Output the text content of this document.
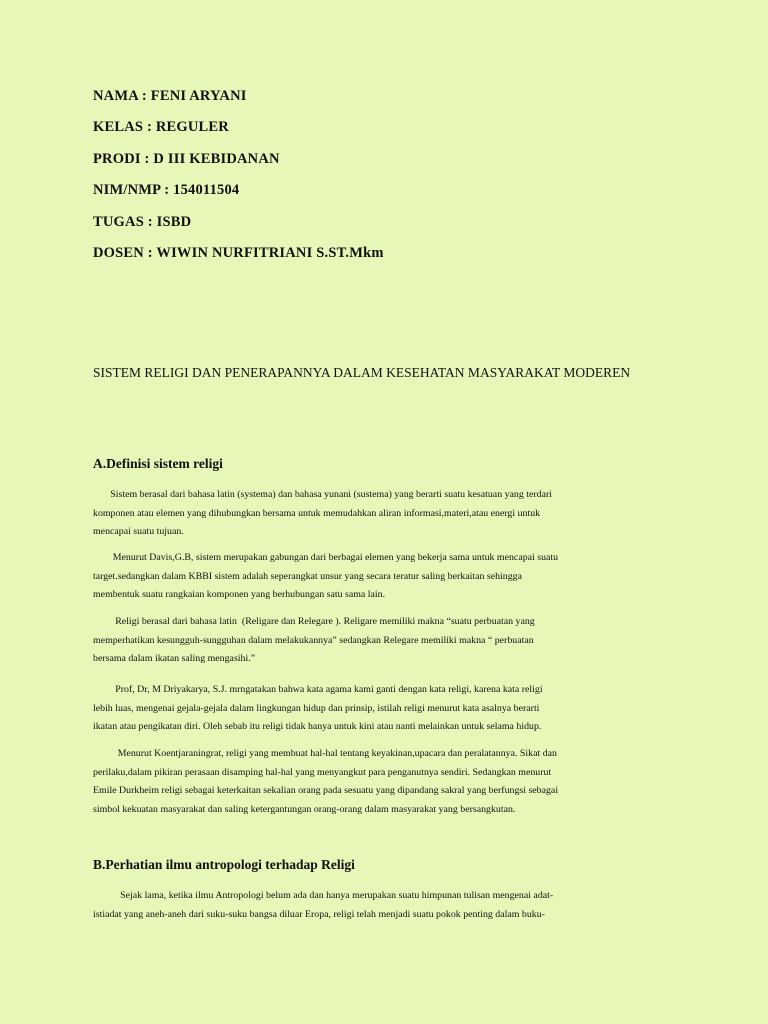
NAMA : FENI ARYANI

KELAS : REGULER

PRODI : D III KEBIDANAN

NIM/NMP : 154011504

TUGAS : ISBD

DOSEN : WIWIN NURFITRIANI S.ST.Mkm

SISTEM RELIGI DAN PENERAPANNYA DALAM KESEHATAN MASYARAKAT MODEREN

A.Definisi sistem religi

Sistem berasal dari bahasa latin (systema) dan bahasa yunani (sustema) yang berarti suatu kesatuan yang terdari
komponen atau elemen yang dihubungkan bersama untuk memudahkan aliran informasi,materi,atau energi untuk
mencapai suatu tujuan.
Menurut Davis,G.B, sistem merupakan gabungan dari berbagai elemen yang bekerja sama untuk mencapai suatu
target.sedangkan dalam KBBI sistem adalah seperangkat unsur yang secara teratur saling berkaitan sehingga
membentuk suatu rangkaian komponen yang berhubungan satu sama lain.
Religi berasal dari bahasa latin  (Religare dan Relegare ). Religare memiliki makna “suatu perbuatan yang
memperhatikan kesungguh-sungguhan dalam melakukannya” sedangkan Relegare memiliki makna “ perbuatan
bersama dalam ikatan saling mengasihi.”
Prof, Dr, M Driyakarya, S.J. mrngatakan bahwa kata agama kami ganti dengan kata religi, karena kata religi
lebih luas, mengenai gejala-gejala dalam lingkungan hidup dan prinsip, istilah religi menurut kata asalnya berarti
ikatan atau pengikatan diri. Oleh sebab itu religi tidak hanya untuk kini atau nanti melainkan untuk selama hidup.
Menurut Koentjaraningrat, religi yang membuat hal-hal tentang keyakinan,upacara dan peralatannya. Sikat dan
perilaku,dalam pikiran perasaan disamping hal-hal yang menyangkut para penganutnya sendiri. Sedangkan menurut
Emile Durkheim religi sebagai keterkaitan sekalian orang pada sesuatu yang dipandang sakral yang berfungsi sebagai
simbol kekuatan masyarakat dan saling ketergantungan orang-orang dalam masyarakat yang bersangkutan.

B.Perhatian ilmu antropologi terhadap Religi

Sejak lama, ketika ilmu Antropologi belum ada dan hanya merupakan suatu himpunan tulisan mengenai adat-
istiadat yang aneh-aneh dari suku-suku bangsa diluar Eropa, religi telah menjadi suatu pokok penting dalam buku-
